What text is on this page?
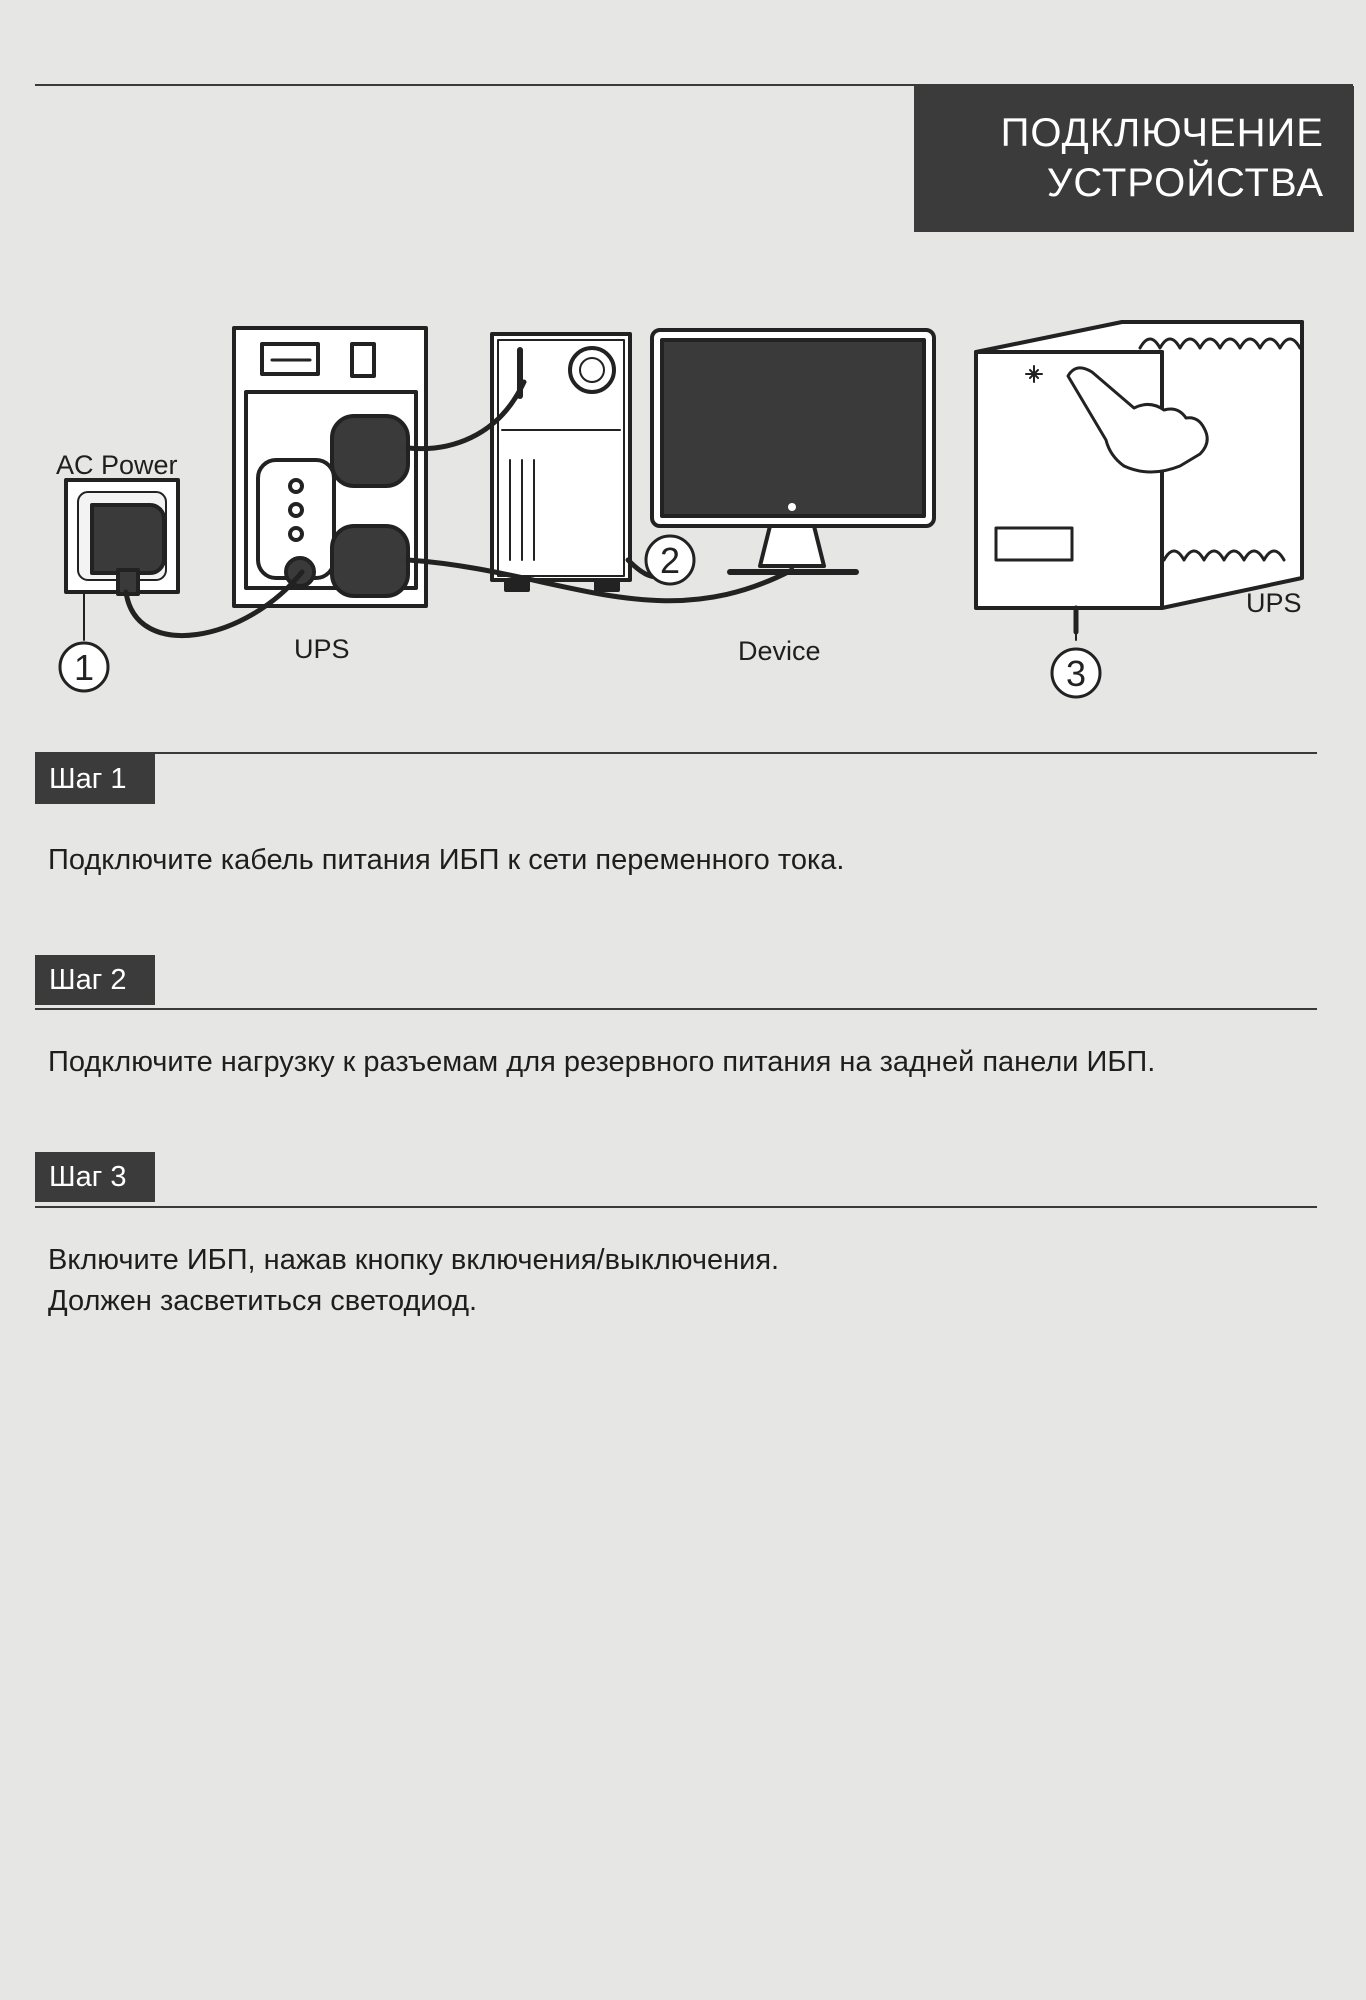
ПОДКЛЮЧЕНИЕ
УСТРОЙСТВА
1
2
3
AC Power
UPS	Device
UPS
Шаг 1
Подключите кабель питания ИБП к сети переменного тока.
Шаг 2
Подключите нагрузку к разъемам для резервного питания на задней панели ИБП.
Шаг 3
Включите ИБП, нажав кнопку включения/выключения.
Должен засветиться светодиод.
